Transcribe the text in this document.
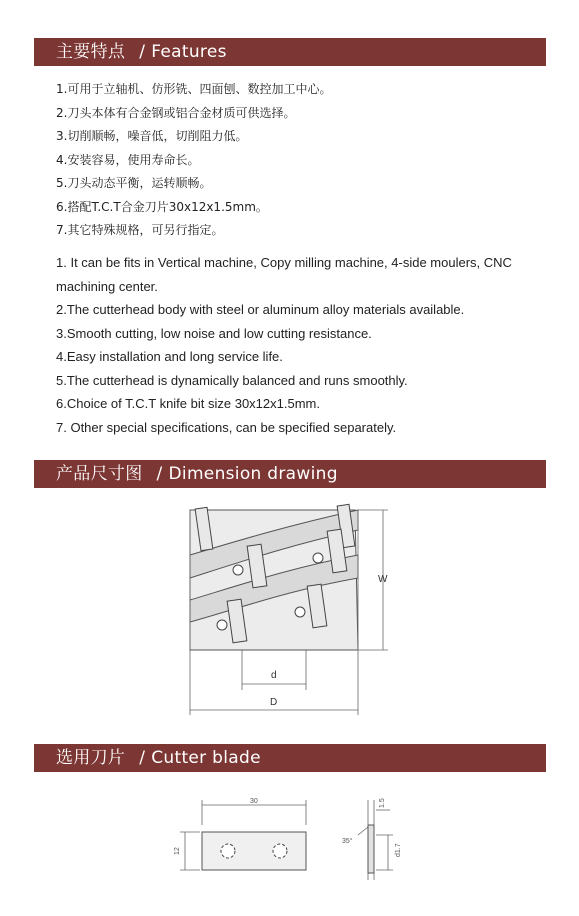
主要特点 / Features
1.可用于立轴机、仿形铣、四面刨、数控加工中心。
2.刀头本体有合金钢或铝合金材质可供选择。
3.切削顺畅，噪音低，切削阻力低。
4.安装容易，使用寿命长。
5.刀头动态平衡，运转顺畅。
6.搭配T.C.T合金刀片30x12x1.5mm。
7.其它特殊规格，可另行指定。
1. It can be fits in Vertical machine, Copy milling machine, 4-side moulers, CNC machining center.
2.The cutterhead body with steel or aluminum alloy materials available.
3.Smooth cutting, low noise and low cutting resistance.
4.Easy installation and long service life.
5.The cutterhead is dynamically balanced and runs smoothly.
6.Choice of T.C.T knife bit size 30x12x1.5mm.
7. Other special specifications, can be specified separately.
产品尺寸图 / Dimension drawing
W
d
D
选用刀片 / Cutter blade
30
12
1.5
35°
d1.7
